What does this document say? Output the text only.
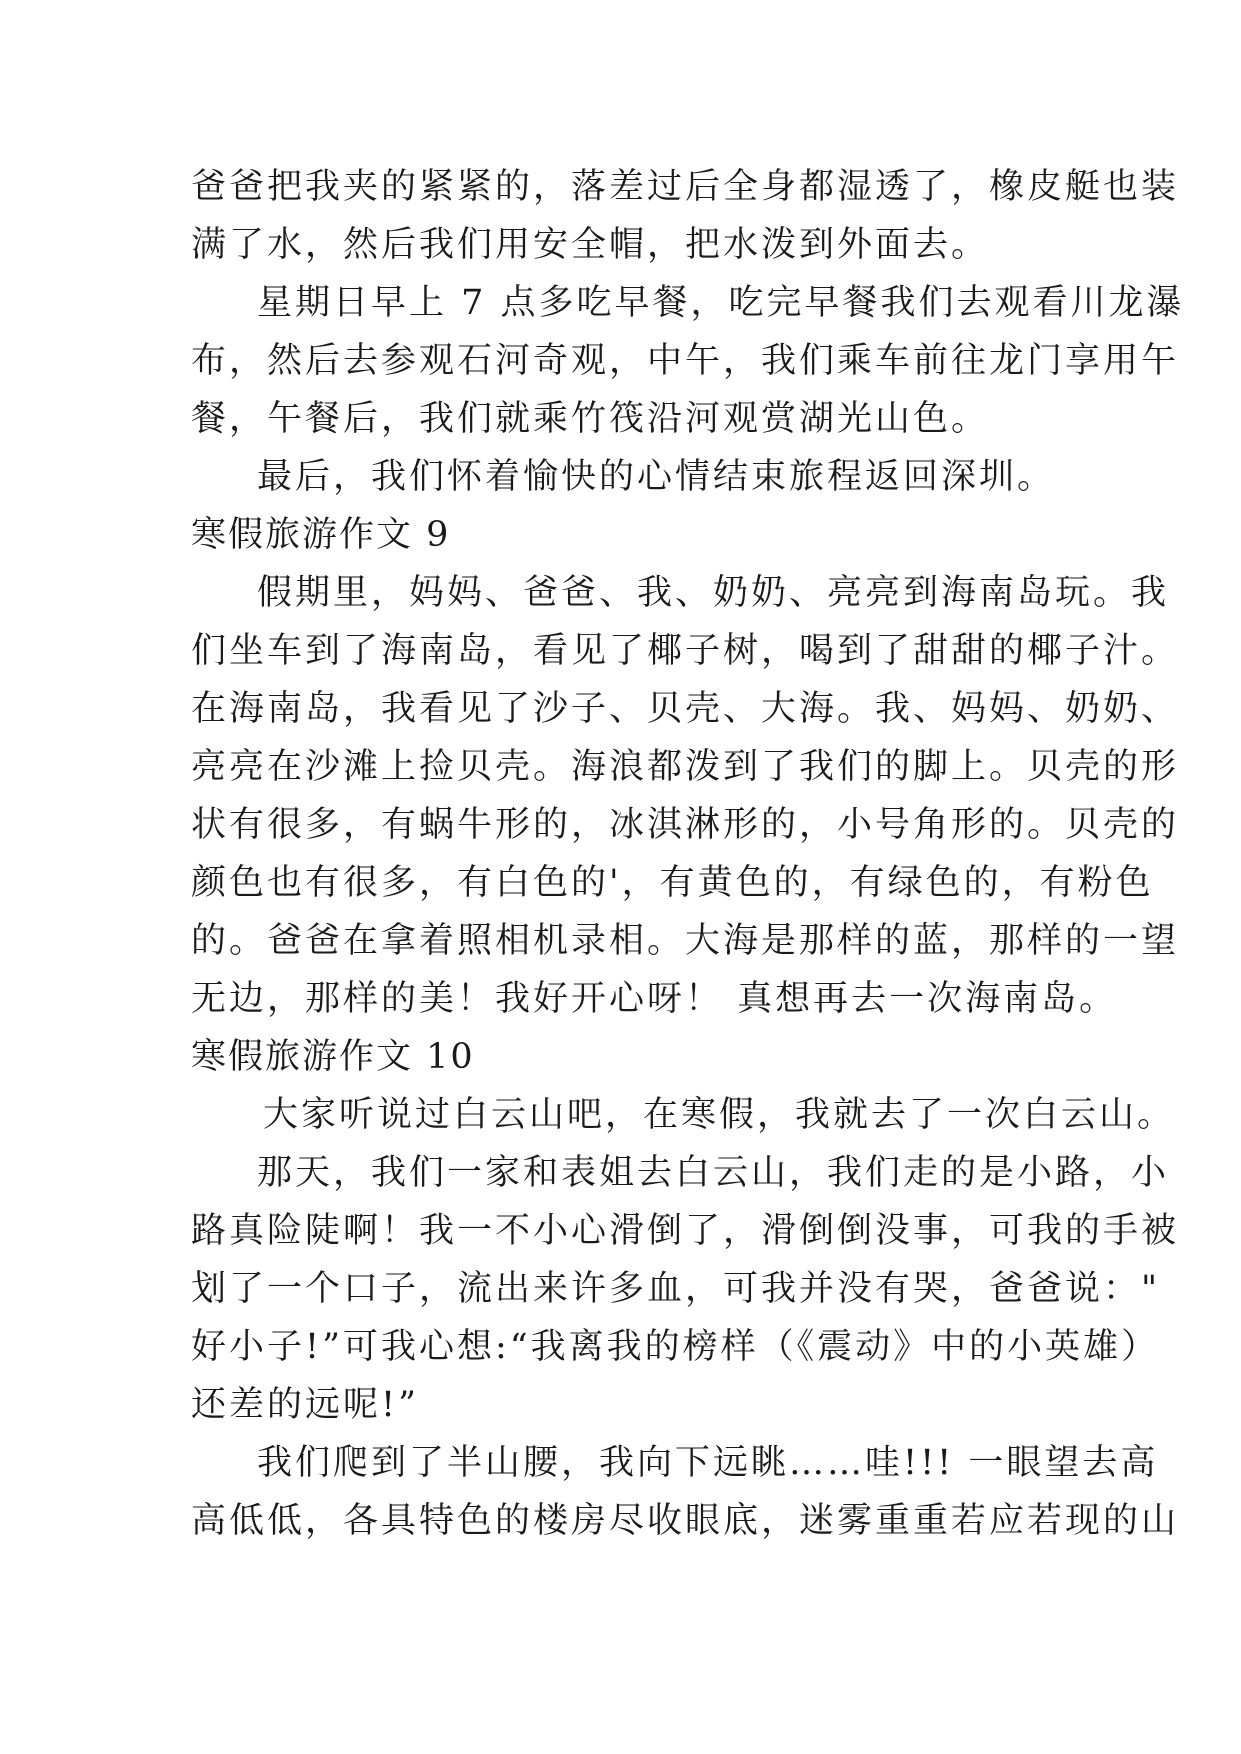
爸爸把我夹的紧紧的，落差过后全身都湿透了，橡皮艇也装
满了水，然后我们用安全帽，把水泼到外面去。
星期日早上 7 点多吃早餐，吃完早餐我们去观看川龙瀑
布，然后去参观石河奇观，中午，我们乘车前往龙门享用午
餐，午餐后，我们就乘竹筏沿河观赏湖光山色。
最后，我们怀着愉快的心情结束旅程返回深圳。
寒假旅游作文 9
假期里，妈妈、爸爸、我、奶奶、亮亮到海南岛玩。我
们坐车到了海南岛，看见了椰子树，喝到了甜甜的椰子汁。
在海南岛，我看见了沙子、贝壳、大海。我、妈妈、奶奶、
亮亮在沙滩上捡贝壳。海浪都泼到了我们的脚上。贝壳的形
状有很多，有蜗牛形的，冰淇淋形的，小号角形的。贝壳的
颜色也有很多，有白色的'，有黄色的，有绿色的，有粉色
的。爸爸在拿着照相机录相。大海是那样的蓝，那样的一望
无边，那样的美！我好开心呀！ 真想再去一次海南岛。
寒假旅游作文 10
大家听说过白云山吧，在寒假，我就去了一次白云山。
那天，我们一家和表姐去白云山，我们走的是小路，小
路真险陡啊！我一不小心滑倒了，滑倒倒没事，可我的手被
划了一个口子，流出来许多血，可我并没有哭，爸爸说："
好小子!”可我心想:“我离我的榜样（《震动》中的小英雄）
还差的远呢!”
我们爬到了半山腰，我向下远眺……哇!!! 一眼望去高
高低低，各具特色的楼房尽收眼底，迷雾重重若应若现的山
